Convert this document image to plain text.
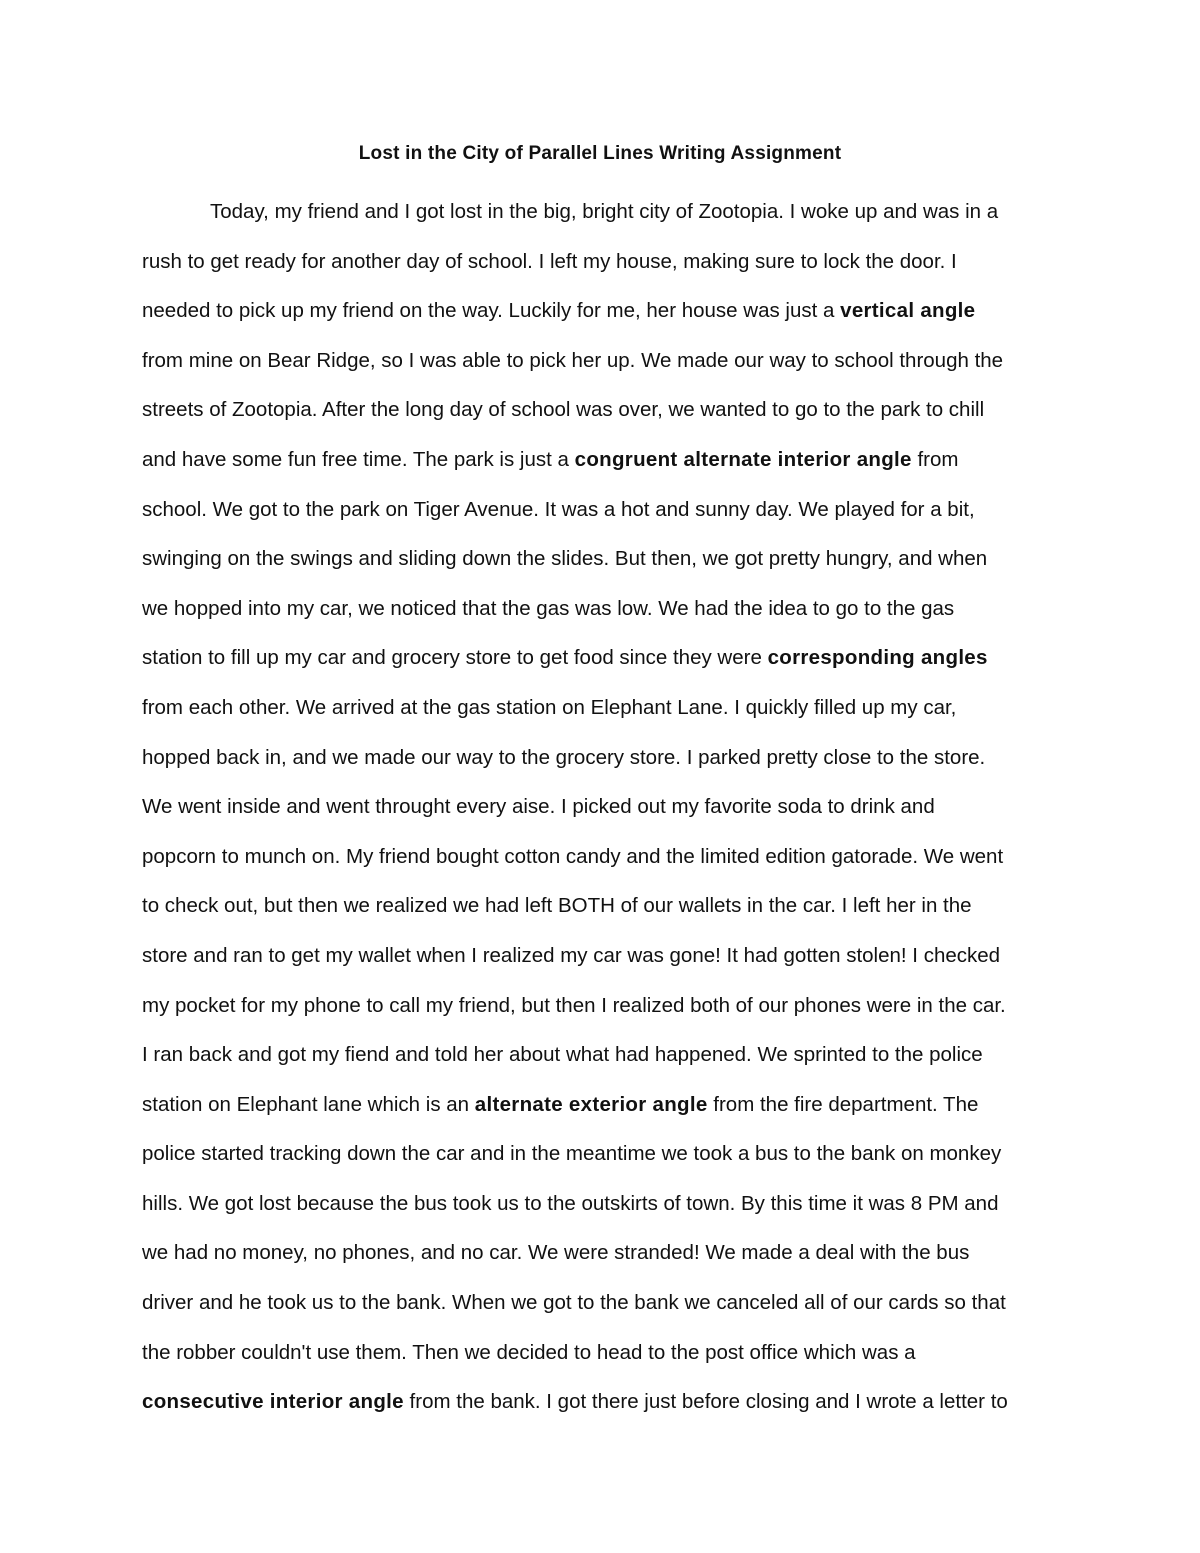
Lost in the City of Parallel Lines Writing Assignment
Today, my friend and I got lost in the big, bright city of Zootopia. I woke up and was in a
rush to get ready for another day of school. I left my house, making sure to lock the door. I
needed to pick up my friend on the way. Luckily for me, her house was just a vertical angle
from mine on Bear Ridge, so I was able to pick her up. We made our way to school through the
streets of Zootopia. After the long day of school was over, we wanted to go to the park to chill
and have some fun free time. The park is just a congruent alternate interior angle from
school. We got to the park on Tiger Avenue. It was a hot and sunny day. We played for a bit,
swinging on the swings and sliding down the slides. But then, we got pretty hungry, and when
we hopped into my car, we noticed that the gas was low. We had the idea to go to the gas
station to fill up my car and grocery store to get food since they were corresponding angles
from each other. We arrived at the gas station on Elephant Lane. I quickly filled up my car,
hopped back in, and we made our way to the grocery store. I parked pretty close to the store.
We went inside and went throught every aise. I picked out my favorite soda to drink and
popcorn to munch on. My friend bought cotton candy and the limited edition gatorade. We went
to check out, but then we realized we had left BOTH of our wallets in the car. I left her in the
store and ran to get my wallet when I realized my car was gone! It had gotten stolen! I checked
my pocket for my phone to call my friend, but then I realized both of our phones were in the car.
I ran back and got my fiend and told her about what had happened. We sprinted to the police
station on Elephant lane which is an alternate exterior angle from the fire department. The
police started tracking down the car and in the meantime we took a bus to the bank on monkey
hills. We got lost because the bus took us to the outskirts of town. By this time it was 8 PM and
we had no money, no phones, and no car. We were stranded! We made a deal with the bus
driver and he took us to the bank. When we got to the bank we canceled all of our cards so that
the robber couldn't use them. Then we decided to head to the post office which was a
consecutive interior angle from the bank. I got there just before closing and I wrote a letter to
